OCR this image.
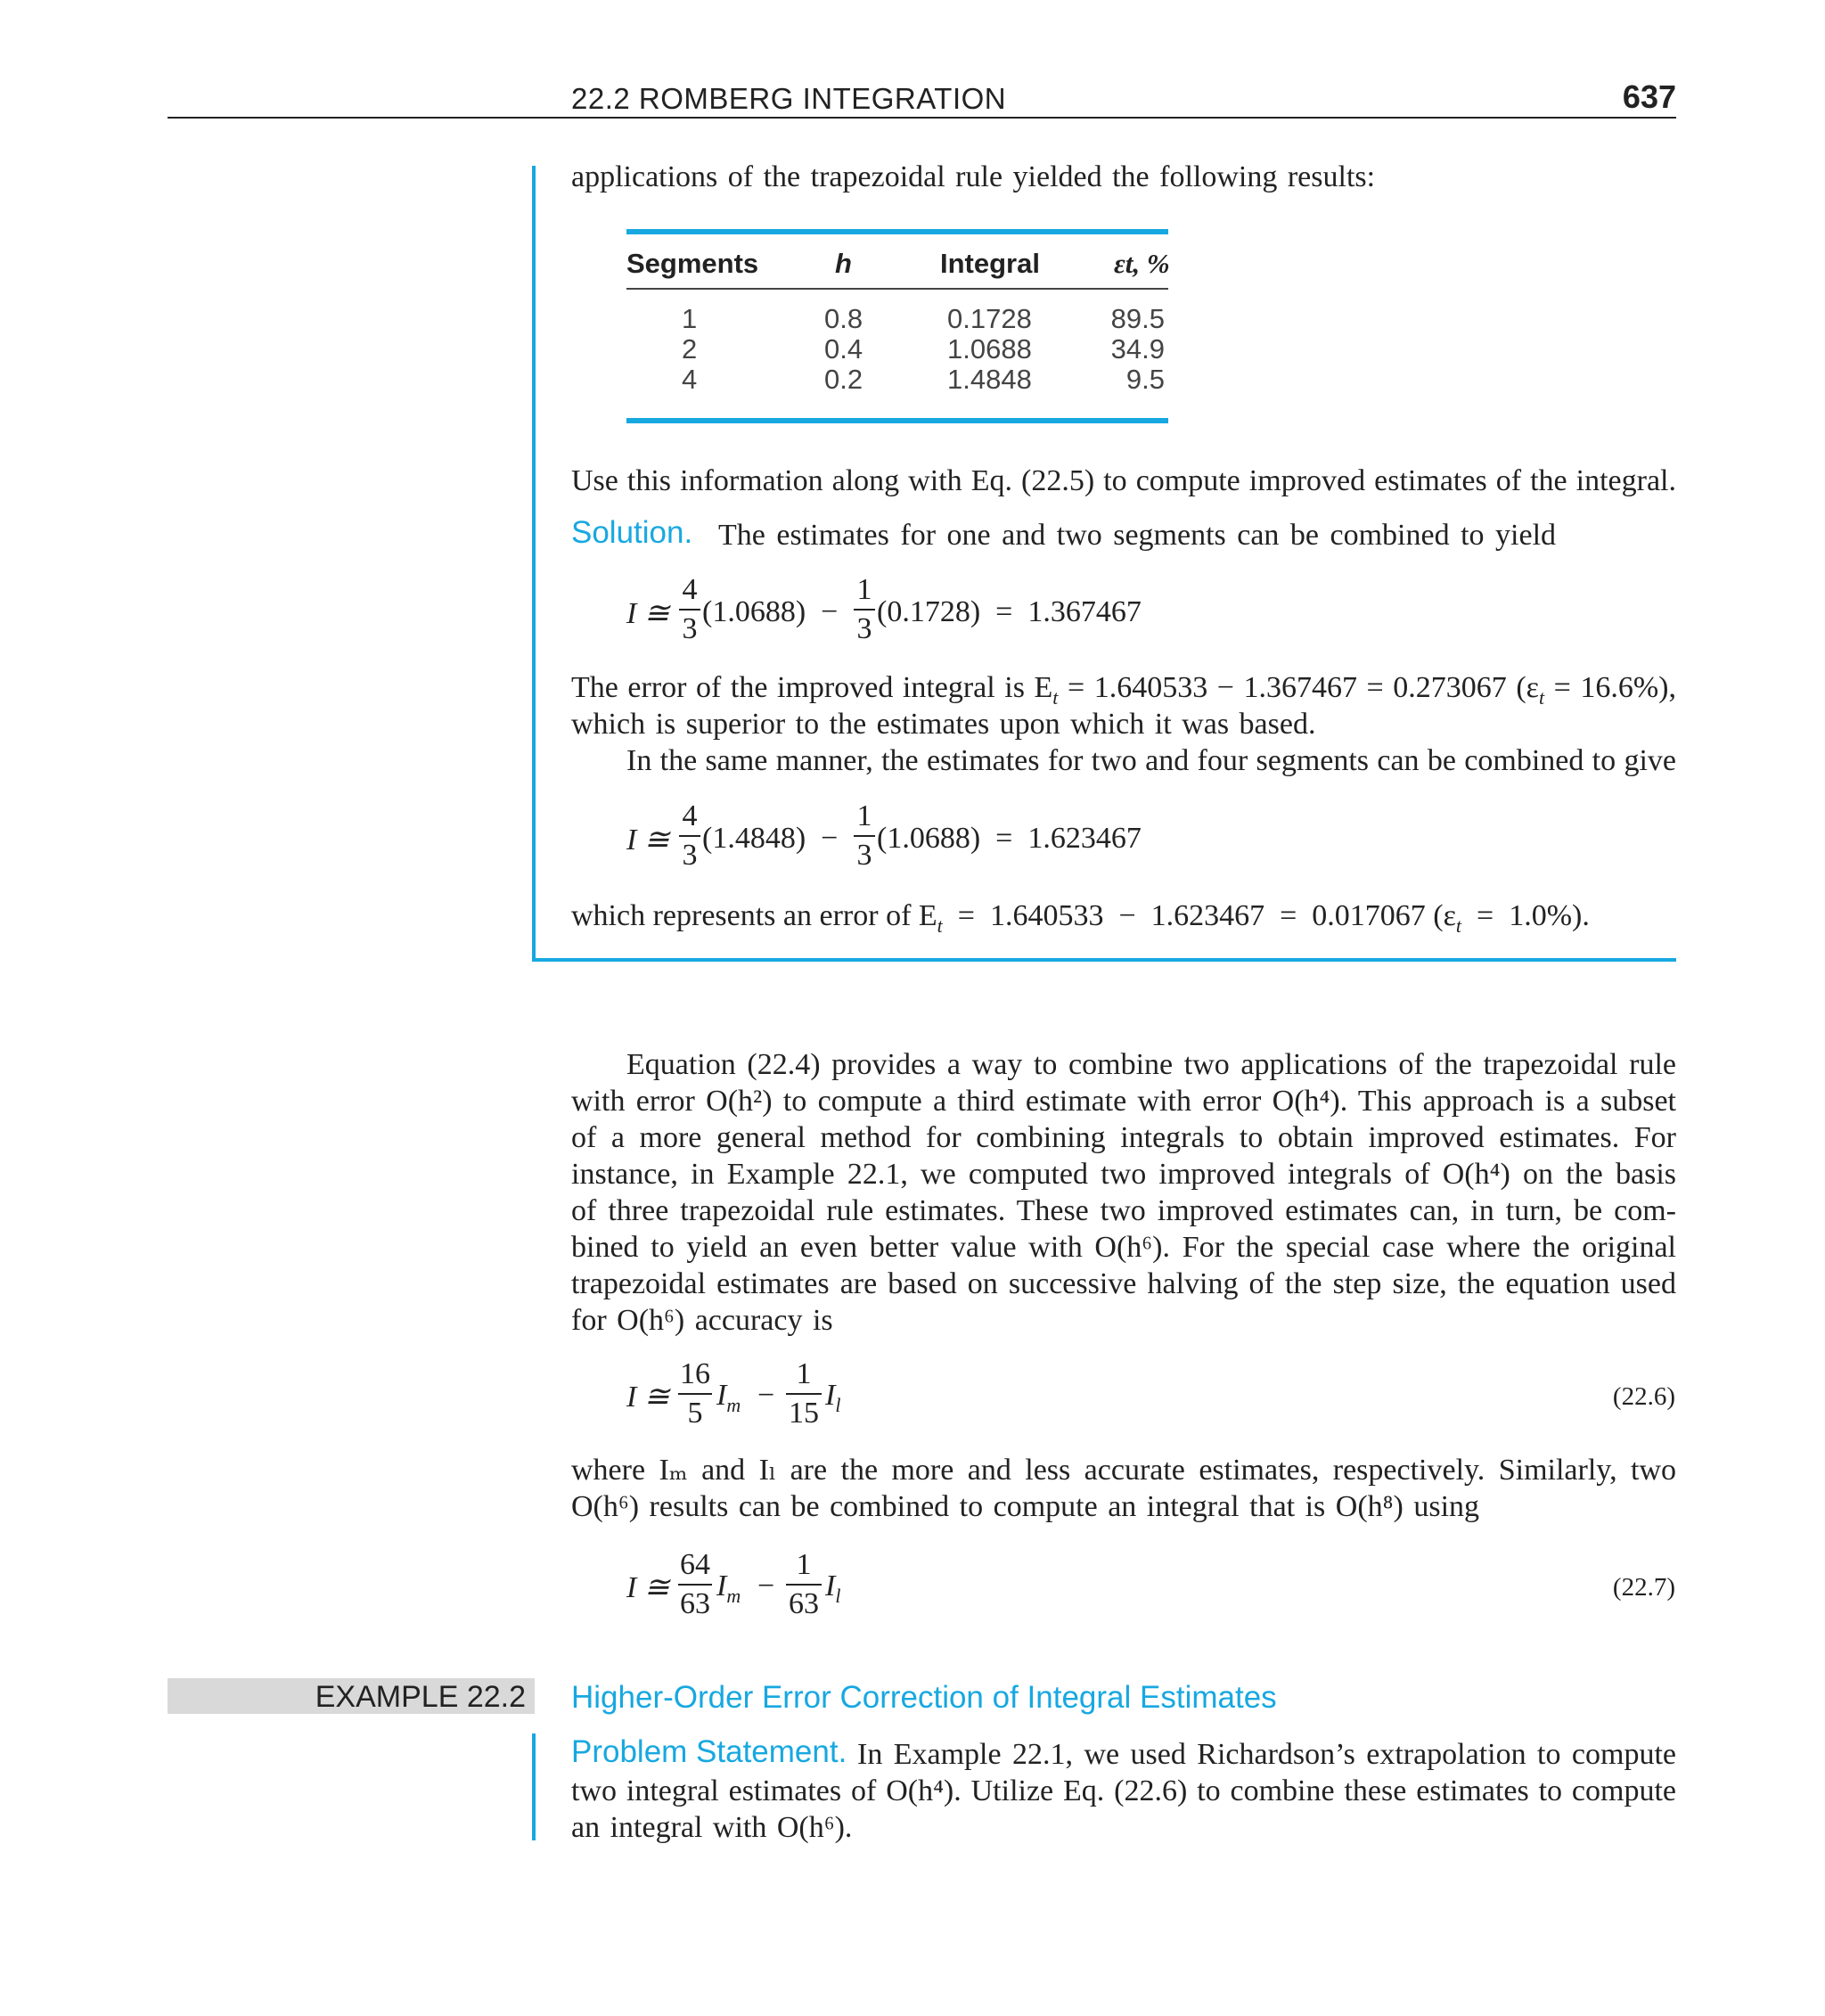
22.2 ROMBERG INTEGRATION	637
applications of the trapezoidal rule yielded the following results:
Segments	h	Integral	εt, %
1	0.8	0.1728	89.5
2	0.4	1.0688	34.9
4	0.2	1.4848	9.5
Use this information along with Eq. (22.5) to compute improved estimates of the integral.
Solution. The estimates for one and two segments can be combined to yield
I ≅
4
3
(1.0688)  −
1
3
(0.1728)  =  1.367467
The error of the improved integral is $E_t = 1.640533 - 1.367467 = 0.273067$ $(\varepsilon_t = 16.6\%)$,
which is superior to the estimates upon which it was based.
In the same manner, the estimates for two and four segments can be combined to give
I ≅
4
3
(1.4848)  −
1
3
(1.0688)  =  1.623467
which represents an error of $E_t = 1.640533 - 1.623467 = 0.017067$ $(\varepsilon_t = 1.0\%)$.
Equation (22.4) provides a way to combine two applications of the trapezoidal rule
with error O(h²) to compute a third estimate with error O(h⁴). This approach is a subset
of a more general method for combining integrals to obtain improved estimates. For
instance, in Example 22.1, we computed two improved integrals of O(h⁴) on the basis
of three trapezoidal rule estimates. These two improved estimates can, in turn, be com-
bined to yield an even better value with O(h⁶). For the special case where the original
trapezoidal estimates are based on successive halving of the step size, the equation used
for O(h⁶) accuracy is
I ≅
16
5
$I_m$ −
1
15
$I_l$	(22.6)
where Iₘ and Iₗ are the more and less accurate estimates, respectively. Similarly, two
O(h⁶) results can be combined to compute an integral that is O(h⁸) using
I ≅
64
63
$I_m$ −
1
63
$I_l$	(22.7)
EXAMPLE 22.2 Higher-Order Error Correction of Integral Estimates
Problem Statement. In Example 22.1, we used Richardson’s extrapolation to compute
two integral estimates of O(h⁴). Utilize Eq. (22.6) to combine these estimates to compute
an integral with O(h⁶).
